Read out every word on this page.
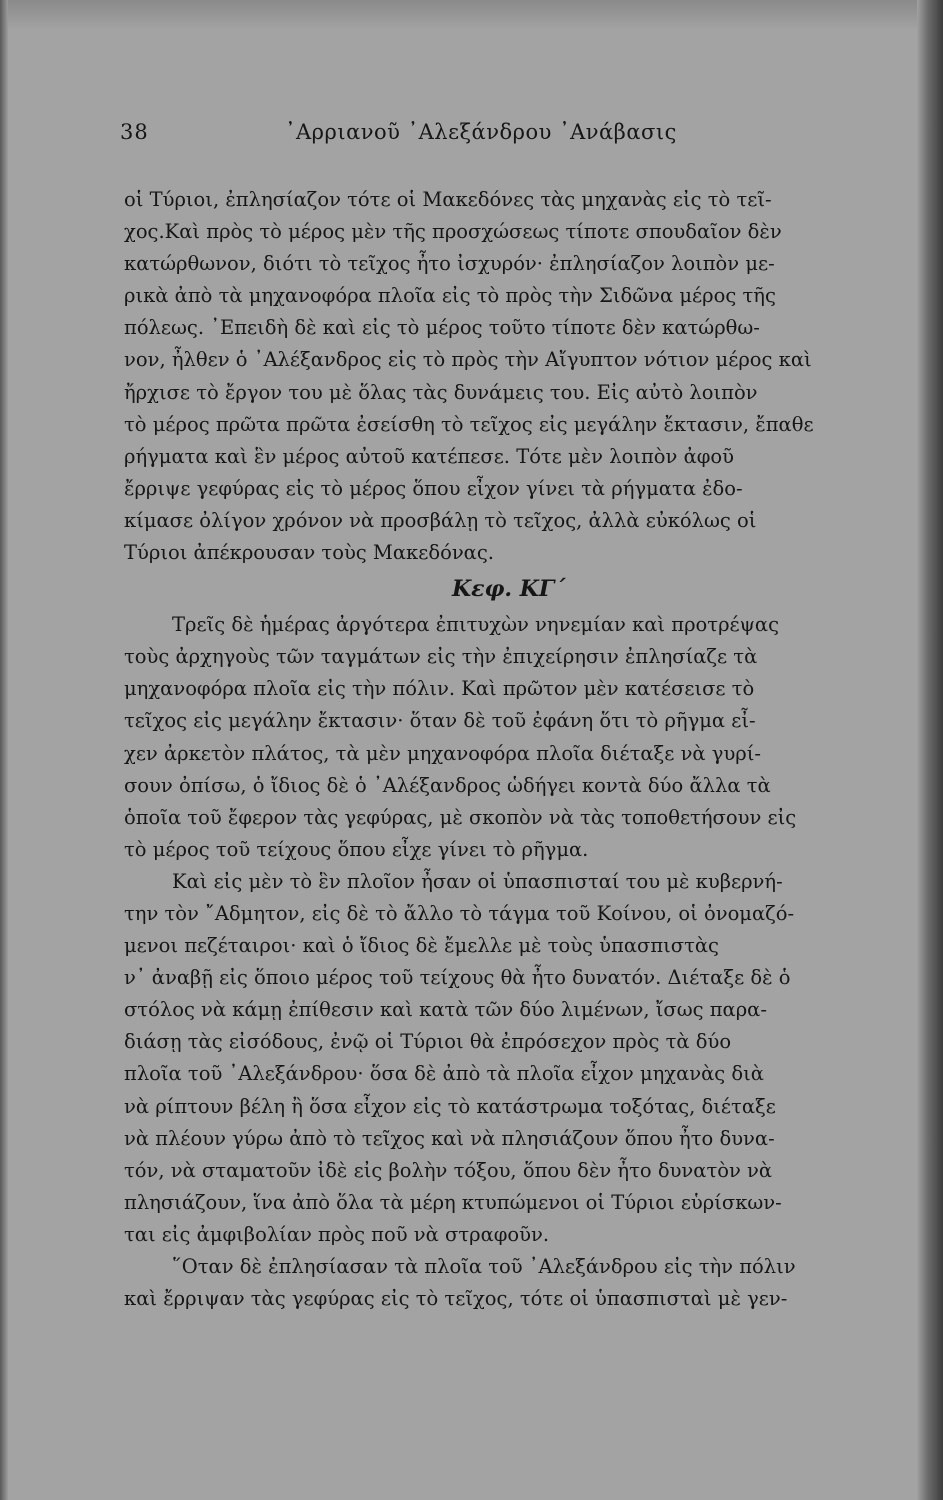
38	᾿Αρριανοῦ ᾿Αλεξάνδρου ᾿Ανάβασις
οἱ Τύριοι, ἐπλησίαζον τότε οἱ Μακεδόνες τὰς μηχανὰς εἰς τὸ τεῖ-
χος.Καὶ πρὸς τὸ μέρος μὲν τῆς προσχώσεως τίποτε σπουδαῖον δὲν
κατώρθωνον, διότι τὸ τεῖχος ἦτο ἰσχυρόν· ἐπλησίαζον λοιπὸν με-
ρικὰ ἀπὸ τὰ μηχανοφόρα πλοῖα εἰς τὸ πρὸς τὴν Σιδῶνα μέρος τῆς
πόλεως. ᾿Επειδὴ δὲ καὶ εἰς τὸ μέρος τοῦτο τίποτε δὲν κατώρθω-
νον, ἦλθεν ὁ ᾿Αλέξανδρος εἰς τὸ πρὸς τὴν Αἴγυπτον νότιον μέρος καὶ
ἤρχισε τὸ ἔργον του μὲ ὅλας τὰς δυνάμεις του. Εἰς αὐτὸ λοιπὸν
τὸ μέρος πρῶτα πρῶτα ἐσείσθη τὸ τεῖχος εἰς μεγάλην ἔκτασιν, ἔπαθε
ρήγματα καὶ ἓν μέρος αὐτοῦ κατέπεσε. Τότε μὲν λοιπὸν ἀφοῦ
ἔρριψε γεφύρας εἰς τὸ μέρος ὅπου εἶχον γίνει τὰ ρήγματα ἐδο-
κίμασε ὀλίγον χρόνον νὰ προσβάλῃ τὸ τεῖχος, ἀλλὰ εὐκόλως οἱ
Τύριοι ἀπέκρουσαν τοὺς Μακεδόνας.
Κεφ. ΚΓ΄
Τρεῖς δὲ ἡμέρας ἀργότερα ἐπιτυχὼν νηνεμίαν καὶ προτρέψας
τοὺς ἀρχηγοὺς τῶν ταγμάτων εἰς τὴν ἐπιχείρησιν ἐπλησίαζε τὰ
μηχανοφόρα πλοῖα εἰς τὴν πόλιν. Καὶ πρῶτον μὲν κατέσεισε τὸ
τεῖχος εἰς μεγάλην ἔκτασιν· ὅταν δὲ τοῦ ἐφάνη ὅτι τὸ ρῆγμα εἶ-
χεν ἀρκετὸν πλάτος, τὰ μὲν μηχανοφόρα πλοῖα διέταξε νὰ γυρί-
σουν ὀπίσω, ὁ ἴδιος δὲ ὁ ᾿Αλέξανδρος ὡδήγει κοντὰ δύο ἄλλα τὰ
ὁποῖα τοῦ ἔφερον τὰς γεφύρας, μὲ σκοπὸν νὰ τὰς τοποθετήσουν εἰς
τὸ μέρος τοῦ τείχους ὅπου εἶχε γίνει τὸ ρῆγμα.
Καὶ εἰς μὲν τὸ ἓν πλοῖον ἦσαν οἱ ὑπασπισταί του μὲ κυβερνή-
την τὸν ῎Αδμητον, εἰς δὲ τὸ ἄλλο τὸ τάγμα τοῦ Κοίνου, οἱ ὀνομαζό-
μενοι πεζέταιροι· καὶ ὁ ἴδιος δὲ ἔμελλε μὲ τοὺς ὑπασπιστὰς
ν᾿ ἀναβῇ εἰς ὅποιο μέρος τοῦ τείχους θὰ ἦτο δυνατόν. Διέταξε δὲ ὁ
στόλος νὰ κάμῃ ἐπίθεσιν καὶ κατὰ τῶν δύο λιμένων, ἴσως παρα-
διάσῃ τὰς εἰσόδους, ἐνῷ οἱ Τύριοι θὰ ἐπρόσεχον πρὸς τὰ δύο
πλοῖα τοῦ ᾿Αλεξάνδρου· ὅσα δὲ ἀπὸ τὰ πλοῖα εἶχον μηχανὰς διὰ
νὰ ρίπτουν βέλη ἢ ὅσα εἶχον εἰς τὸ κατάστρωμα τοξότας, διέταξε
νὰ πλέουν γύρω ἀπὸ τὸ τεῖχος καὶ νὰ πλησιάζουν ὅπου ἦτο δυνα-
τόν, νὰ σταματοῦν ἰδὲ εἰς βολὴν τόξου, ὅπου δὲν ἦτο δυνατὸν νὰ
πλησιάζουν, ἵνα ἀπὸ ὅλα τὰ μέρη κτυπώμενοι οἱ Τύριοι εὑρίσκων-
ται εἰς ἀμφιβολίαν πρὸς ποῦ νὰ στραφοῦν.
῞Οταν δὲ ἐπλησίασαν τὰ πλοῖα τοῦ ᾿Αλεξάνδρου εἰς τὴν πόλιν
καὶ ἔρριψαν τὰς γεφύρας εἰς τὸ τεῖχος, τότε οἱ ὑπασπισταὶ μὲ γεν-
